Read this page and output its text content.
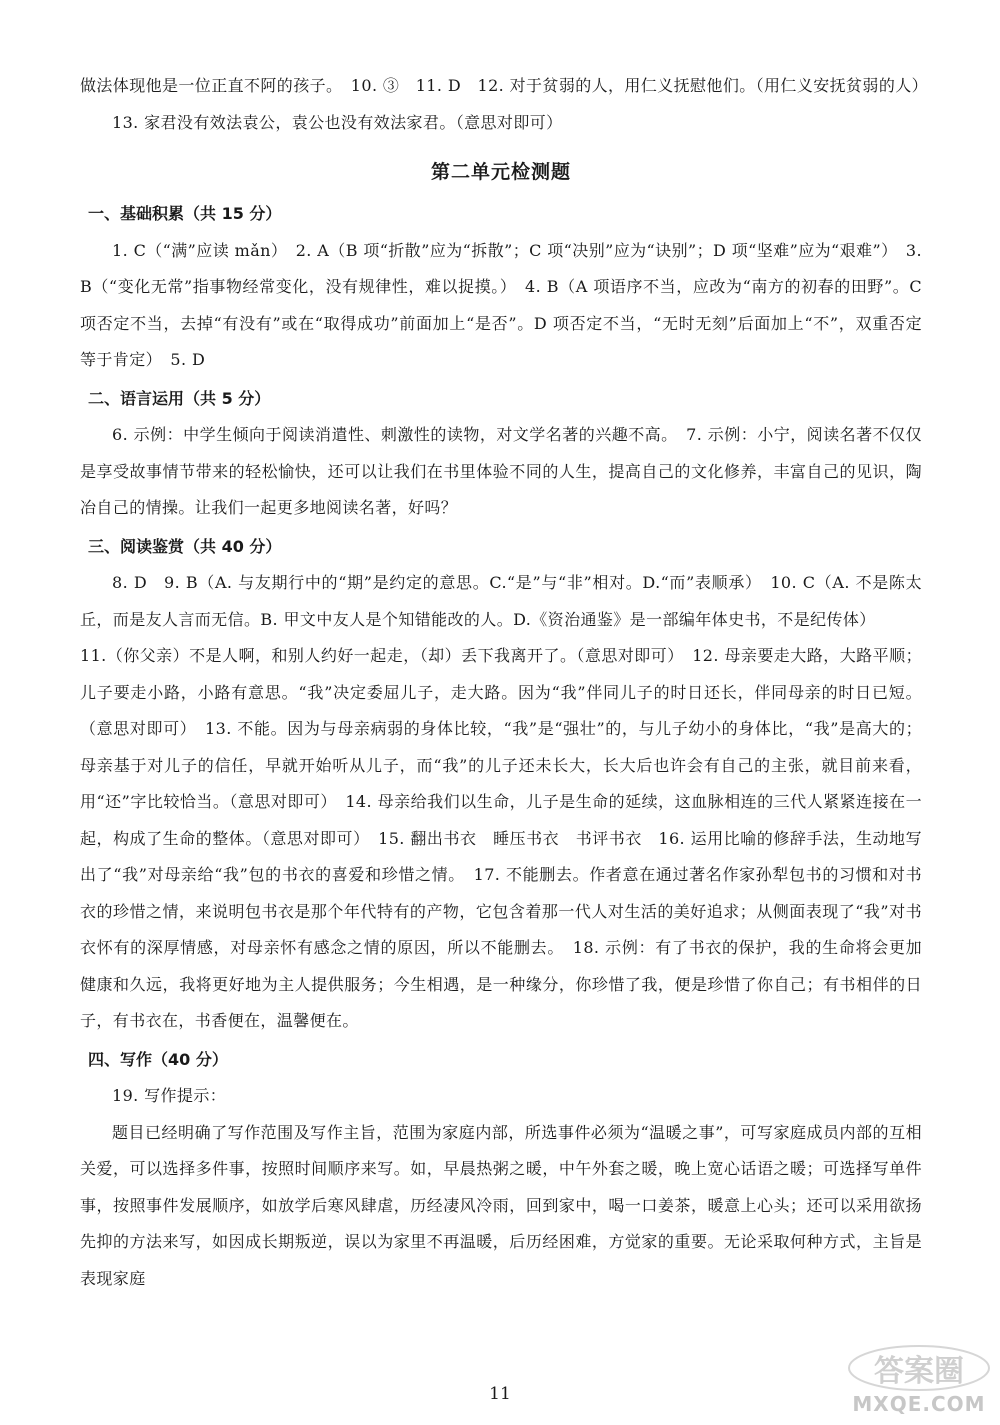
做法体现他是一位正直不阿的孩子。　10. ③　11. D　12. 对于贫弱的人，用仁义抚慰他们。（用仁义安抚贫弱的人）

13. 家君没有效法袁公，袁公也没有效法家君。（意思对即可）

第二单元检测题
一、基础积累（共 15 分）

1. C（“满”应读 mǎn）　2. A（B 项“折散”应为“拆散”；C 项“决别”应为“诀别”；D 项“坚难”应为“艰难”）　3. B（“变化无常”指事物经常变化，没有规律性，难以捉摸。）　4. B（A 项语序不当，应改为“南方的初春的田野”。C 项否定不当，去掉“有没有”或在“取得成功”前面加上“是否”。D 项否定不当，“无时无刻”后面加上“不”，双重否定等于肯定）　5. D

二、语言运用（共 5 分）

6. 示例：中学生倾向于阅读消遣性、刺激性的读物，对文学名著的兴趣不高。　7. 示例：小宁，阅读名著不仅仅是享受故事情节带来的轻松愉快，还可以让我们在书里体验不同的人生，提高自己的文化修养，丰富自己的见识，陶冶自己的情操。让我们一起更多地阅读名著，好吗？

三、阅读鉴赏（共 40 分）

8. D　9. B（A. 与友期行中的“期”是约定的意思。C.“是”与“非”相对。D.“而”表顺承）　10. C（A. 不是陈太丘，而是友人言而无信。B. 甲文中友人是个知错能改的人。D.《资治通鉴》是一部编年体史书，不是纪传体）

11.（你父亲）不是人啊，和别人约好一起走，（却）丢下我离开了。（意思对即可）　12. 母亲要走大路，大路平顺；儿子要走小路，小路有意思。“我”决定委屈儿子，走大路。因为“我”伴同儿子的时日还长，伴同母亲的时日已短。（意思对即可）　13. 不能。因为与母亲病弱的身体比较，“我”是“强壮”的，与儿子幼小的身体比，“我”是高大的；母亲基于对儿子的信任，早就开始听从儿子，而“我”的儿子还未长大，长大后也许会有自己的主张，就目前来看，用“还”字比较恰当。（意思对即可）　14. 母亲给我们以生命，儿子是生命的延续，这血脉相连的三代人紧紧连接在一起，构成了生命的整体。（意思对即可）　15. 翻出书衣　睡压书衣　书评书衣　16. 运用比喻的修辞手法，生动地写出了“我”对母亲给“我”包的书衣的喜爱和珍惜之情。　17. 不能删去。作者意在通过著名作家孙犁包书的习惯和对书衣的珍惜之情，来说明包书衣是那个年代特有的产物，它包含着那一代人对生活的美好追求；从侧面表现了“我”对书衣怀有的深厚情感，对母亲怀有感念之情的原因，所以不能删去。　18. 示例：有了书衣的保护，我的生命将会更加健康和久远，我将更好地为主人提供服务；今生相遇，是一种缘分，你珍惜了我，便是珍惜了你自己；有书相伴的日子，有书衣在，书香便在，温馨便在。

四、写作（40 分）

19. 写作提示：

题目已经明确了写作范围及写作主旨，范围为家庭内部，所选事件必须为“温暖之事”，可写家庭成员内部的互相关爱，可以选择多件事，按照时间顺序来写。如，早晨热粥之暖，中午外套之暖，晚上宽心话语之暖；可选择写单件事，按照事件发展顺序，如放学后寒风肆虐，历经凄风冷雨，回到家中，喝一口姜茶，暖意上心头；还可以采用欲扬先抑的方法来写，如因成长期叛逆，误以为家里不再温暖，后历经困难，方觉家的重要。无论采取何种方式，主旨是表现家庭

11
答案圈
MXQE.COM
